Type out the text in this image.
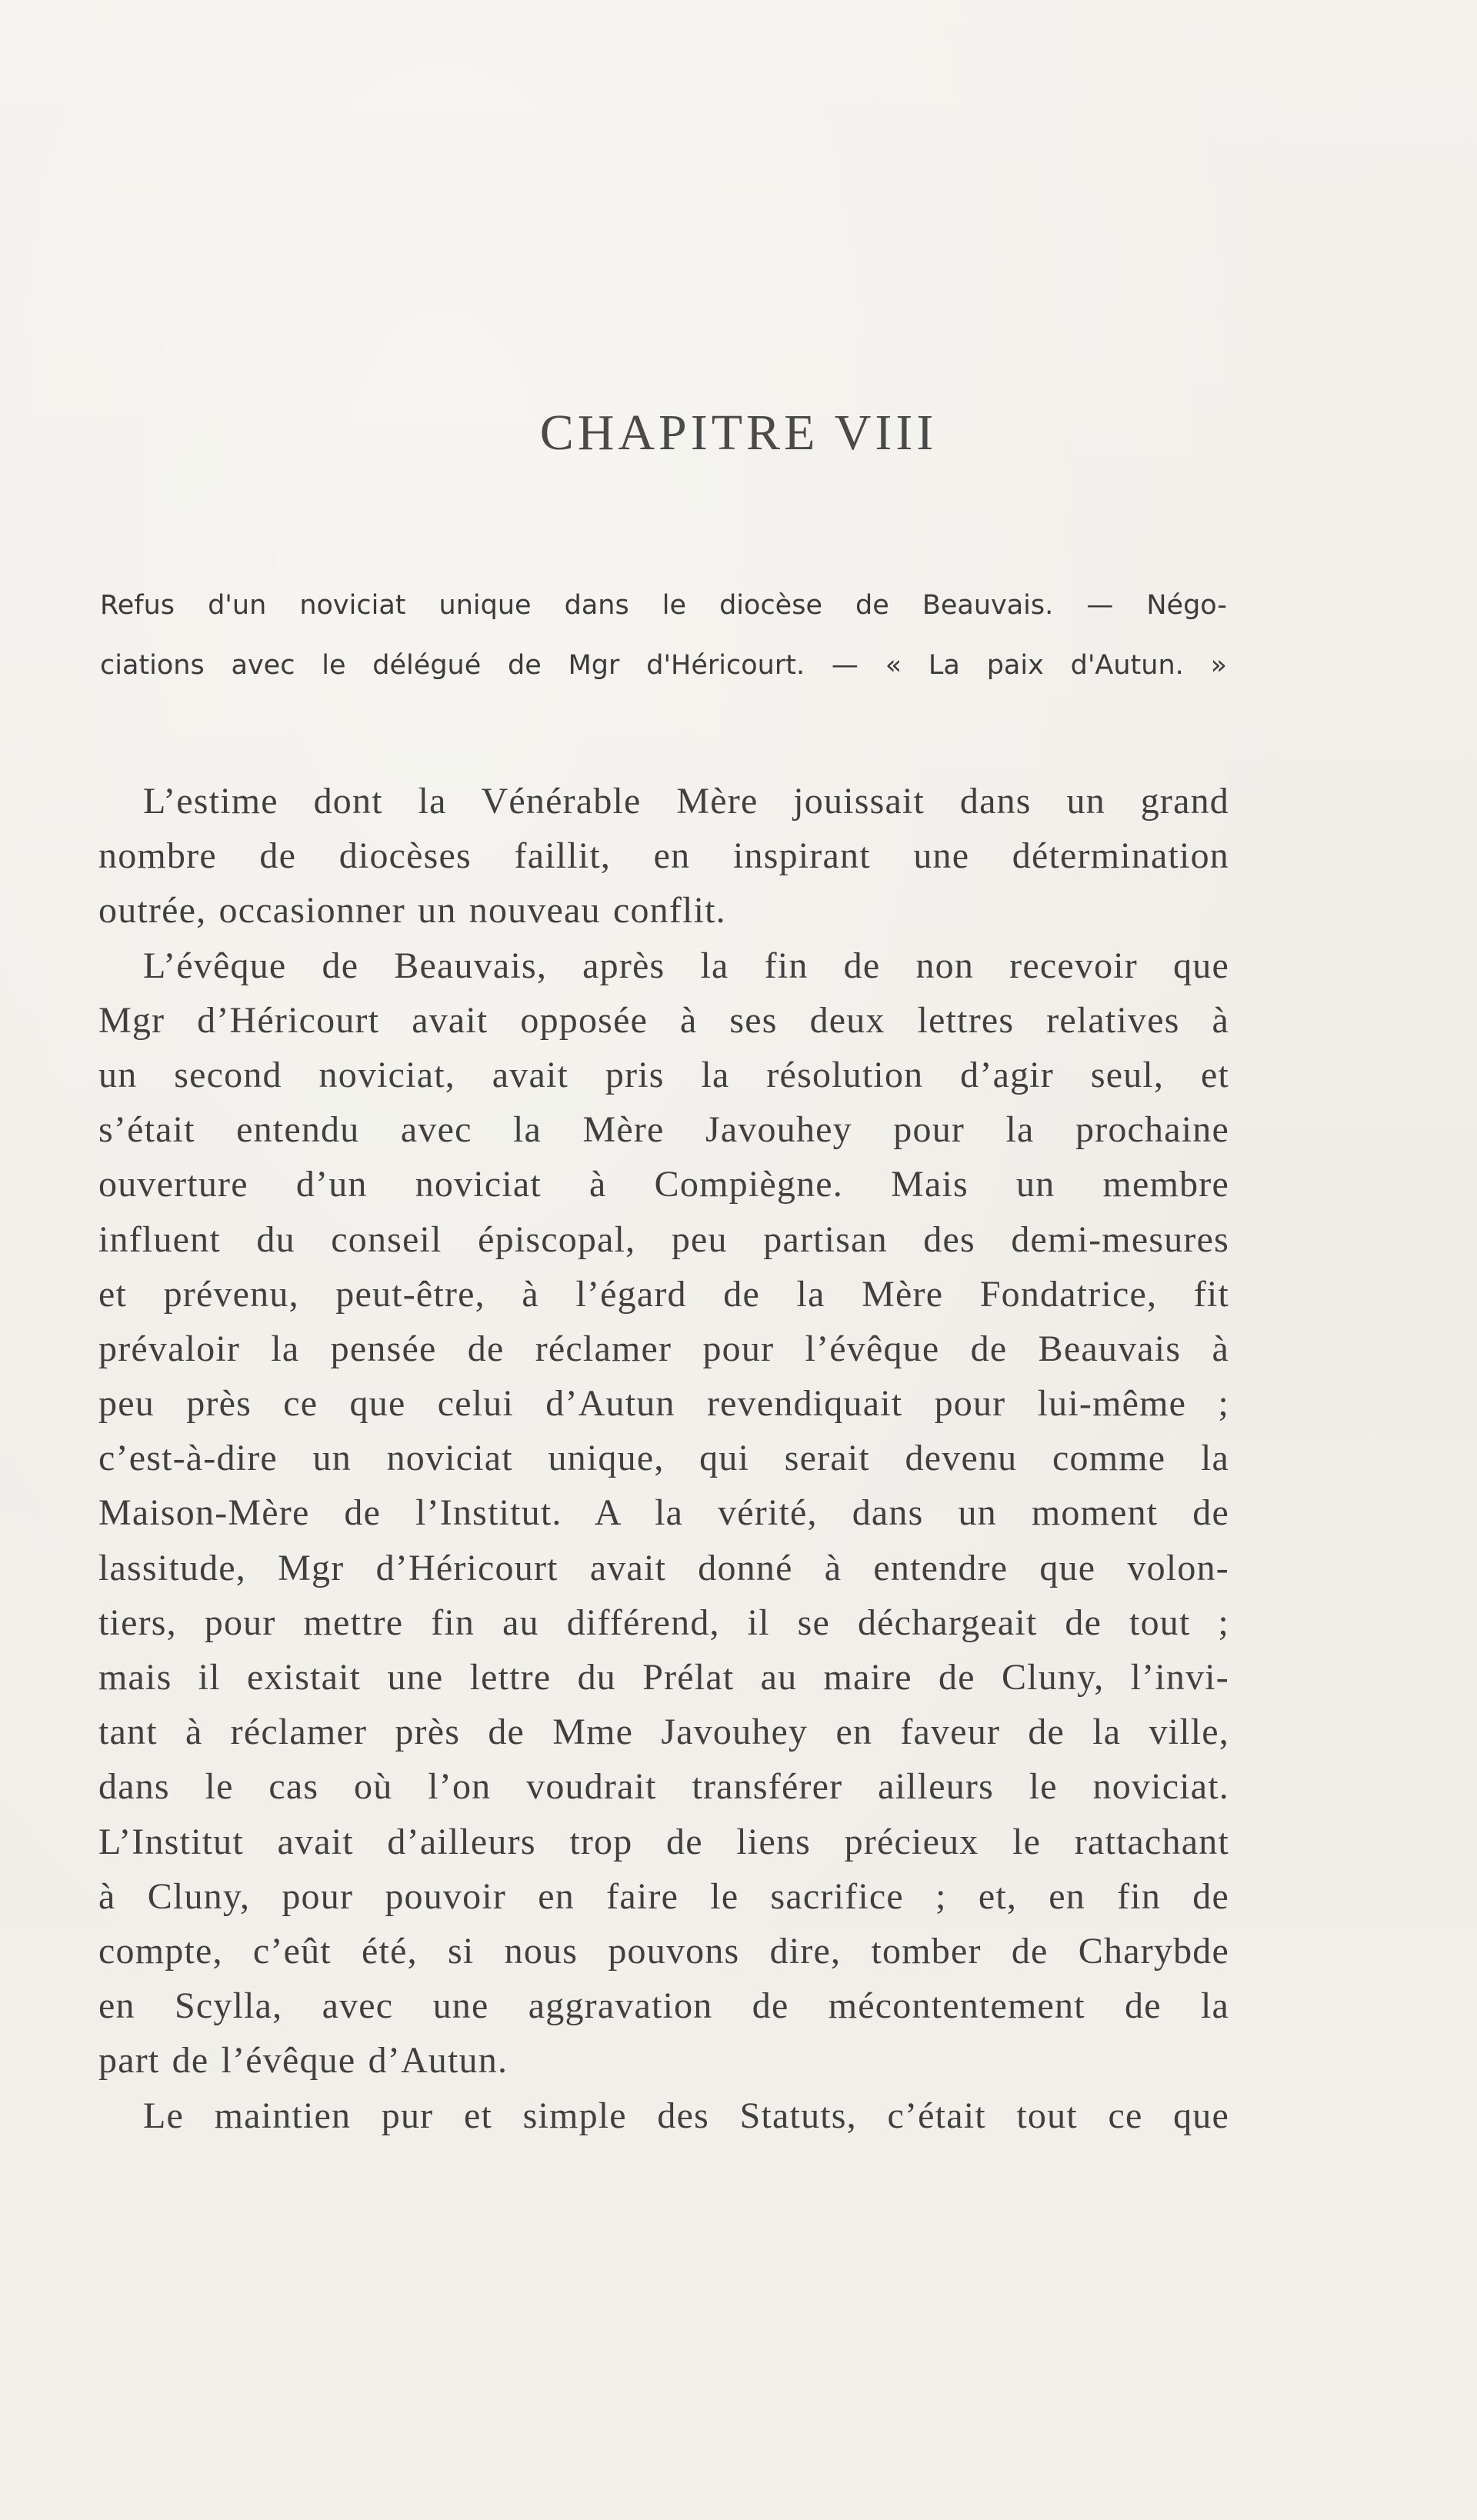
CHAPITRE VIII
Refus d'un noviciat unique dans le diocèse de Beauvais. — Négo-
ciations avec le délégué de Mgr d'Héricourt. — « La paix d'Autun. »
L’estime dont la Vénérable Mère jouissait dans un grand
nombre de diocèses faillit, en inspirant une détermination
outrée, occasionner un nouveau conflit.
L’évêque de Beauvais, après la fin de non recevoir que
Mgr d’Héricourt avait opposée à ses deux lettres relatives à
un second noviciat, avait pris la résolution d’agir seul, et
s’était entendu avec la Mère Javouhey pour la prochaine
ouverture d’un noviciat à Compiègne. Mais un membre
influent du conseil épiscopal, peu partisan des demi-mesures
et prévenu, peut-être, à l’égard de la Mère Fondatrice, fit
prévaloir la pensée de réclamer pour l’évêque de Beauvais à
peu près ce que celui d’Autun revendiquait pour lui-même ;
c’est-à-dire un noviciat unique, qui serait devenu comme la
Maison-Mère de l’Institut. A la vérité, dans un moment de
lassitude, Mgr d’Héricourt avait donné à entendre que volon-
tiers, pour mettre fin au différend, il se déchargeait de tout ;
mais il existait une lettre du Prélat au maire de Cluny, l’invi-
tant à réclamer près de Mme Javouhey en faveur de la ville,
dans le cas où l’on voudrait transférer ailleurs le noviciat.
L’Institut avait d’ailleurs trop de liens précieux le rattachant
à Cluny, pour pouvoir en faire le sacrifice ; et, en fin de
compte, c’eût été, si nous pouvons dire, tomber de Charybde
en Scylla, avec une aggravation de mécontentement de la
part de l’évêque d’Autun.
Le maintien pur et simple des Statuts, c’était tout ce que
